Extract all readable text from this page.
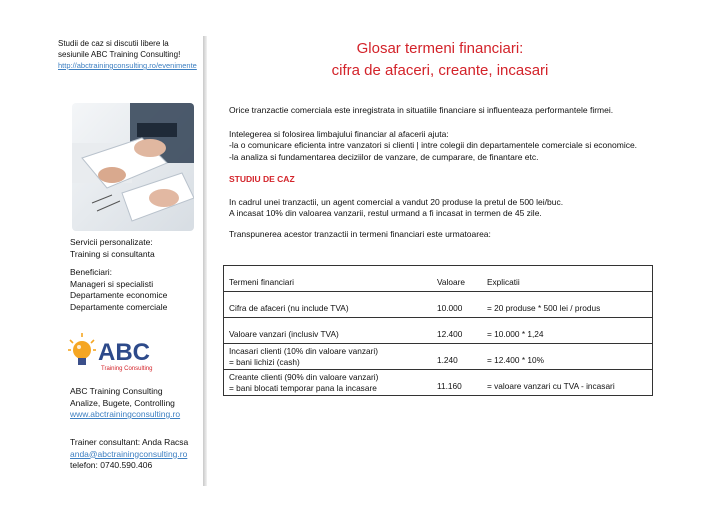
Studii de caz si discutii libere la
sesiunile ABC Training Consulting!
http://abctrainingconsulting.ro/evenimente
Servicii personalizate:
Training si consultanta
Beneficiari:
Manageri si specialisti
Departamente economice
Departamente comerciale
ABC
Training Consulting
ABC Training Consulting
Analize, Bugete, Controlling
www.abctrainingconsulting.ro
Trainer consultant: Anda Racsa
anda@abctrainingconsulting.ro
telefon: 0740.590.406
Glosar termeni financiari:
cifra de afaceri, creante, incasari

Orice tranzactie comerciala este inregistrata in situatiile financiare si influenteaza performantele firmei.

Intelegerea si folosirea limbajului financiar al afacerii ajuta:

-la o comunicare eficienta intre vanzatori si clienti | intre colegii din departamentele comerciale si economice.

-la analiza si fundamentarea deciziilor de vanzare, de cumparare, de finantare etc.

STUDIU DE CAZ

In cadrul unei tranzactii, un agent comercial a vandut 20 produse la pretul de 500 lei/buc.

A incasat 10% din valoarea vanzarii, restul urmand a fi incasat in termen de 45 zile.

Transpunerea acestor tranzactii in termeni financiari este urmatoarea:

Termeni financiari	Valoare	Explicatii

Cifra de afaceri (nu include TVA)	10.000	= 20 produse * 500 lei / produs

Valoare vanzari (inclusiv TVA)	12.400	= 10.000 * 1,24

Incasari clienti (10% din valoare vanzari)
= bani lichizi (cash)	1.240	= 12.400 * 10%

Creante clienti (90% din valoare vanzari)
= bani blocati temporar pana la incasare	11.160	= valoare vanzari cu TVA - incasari
